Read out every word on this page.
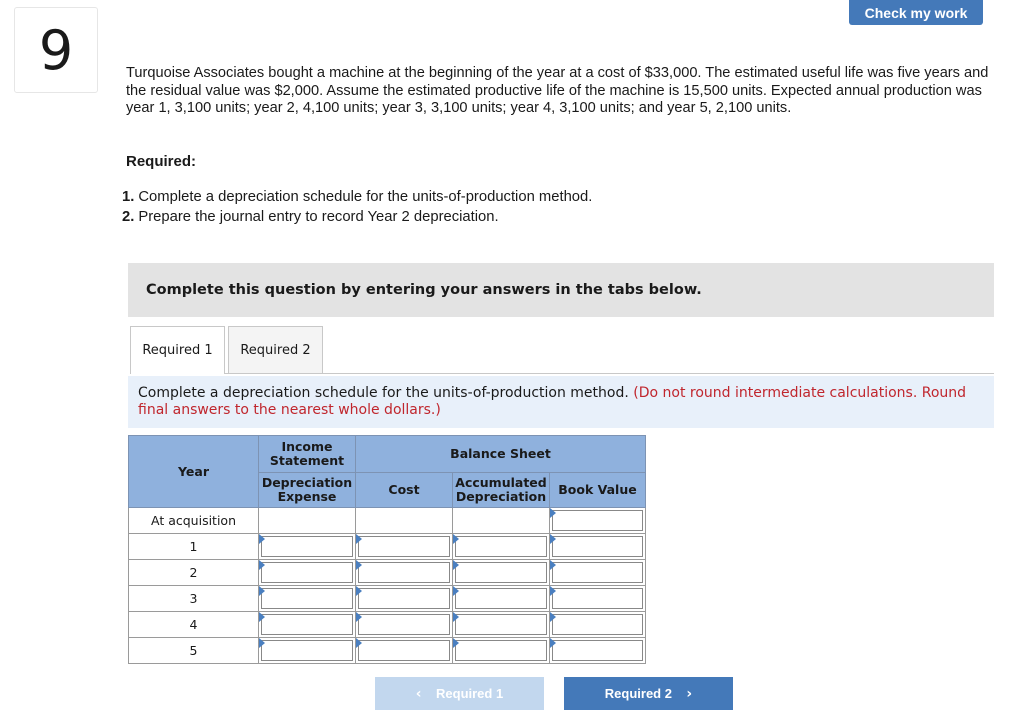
9
Check my work
Turquoise Associates bought a machine at the beginning of the year at a cost of $33,000. The estimated useful life was five years and the residual value was $2,000. Assume the estimated productive life of the machine is 15,500 units. Expected annual production was year 1, 3,100 units; year 2, 4,100 units; year 3, 3,100 units; year 4, 3,100 units; and year 5, 2,100 units.
Required:
1. Complete a depreciation schedule for the units-of-production method.
2. Prepare the journal entry to record Year 2 depreciation.
Complete this question by entering your answers in the tabs below.
Required 1	Required 2
Complete a depreciation schedule for the units-of-production method. (Do not round intermediate calculations. Round final answers to the nearest whole dollars.)
Year	Income Statement	Balance Sheet		
	Depreciation Expense	Cost	Accumulated Depreciation	Book Value
At acquisition				

1	

2	

3	

4	

5	

‹
Required 1	Required 2
›
